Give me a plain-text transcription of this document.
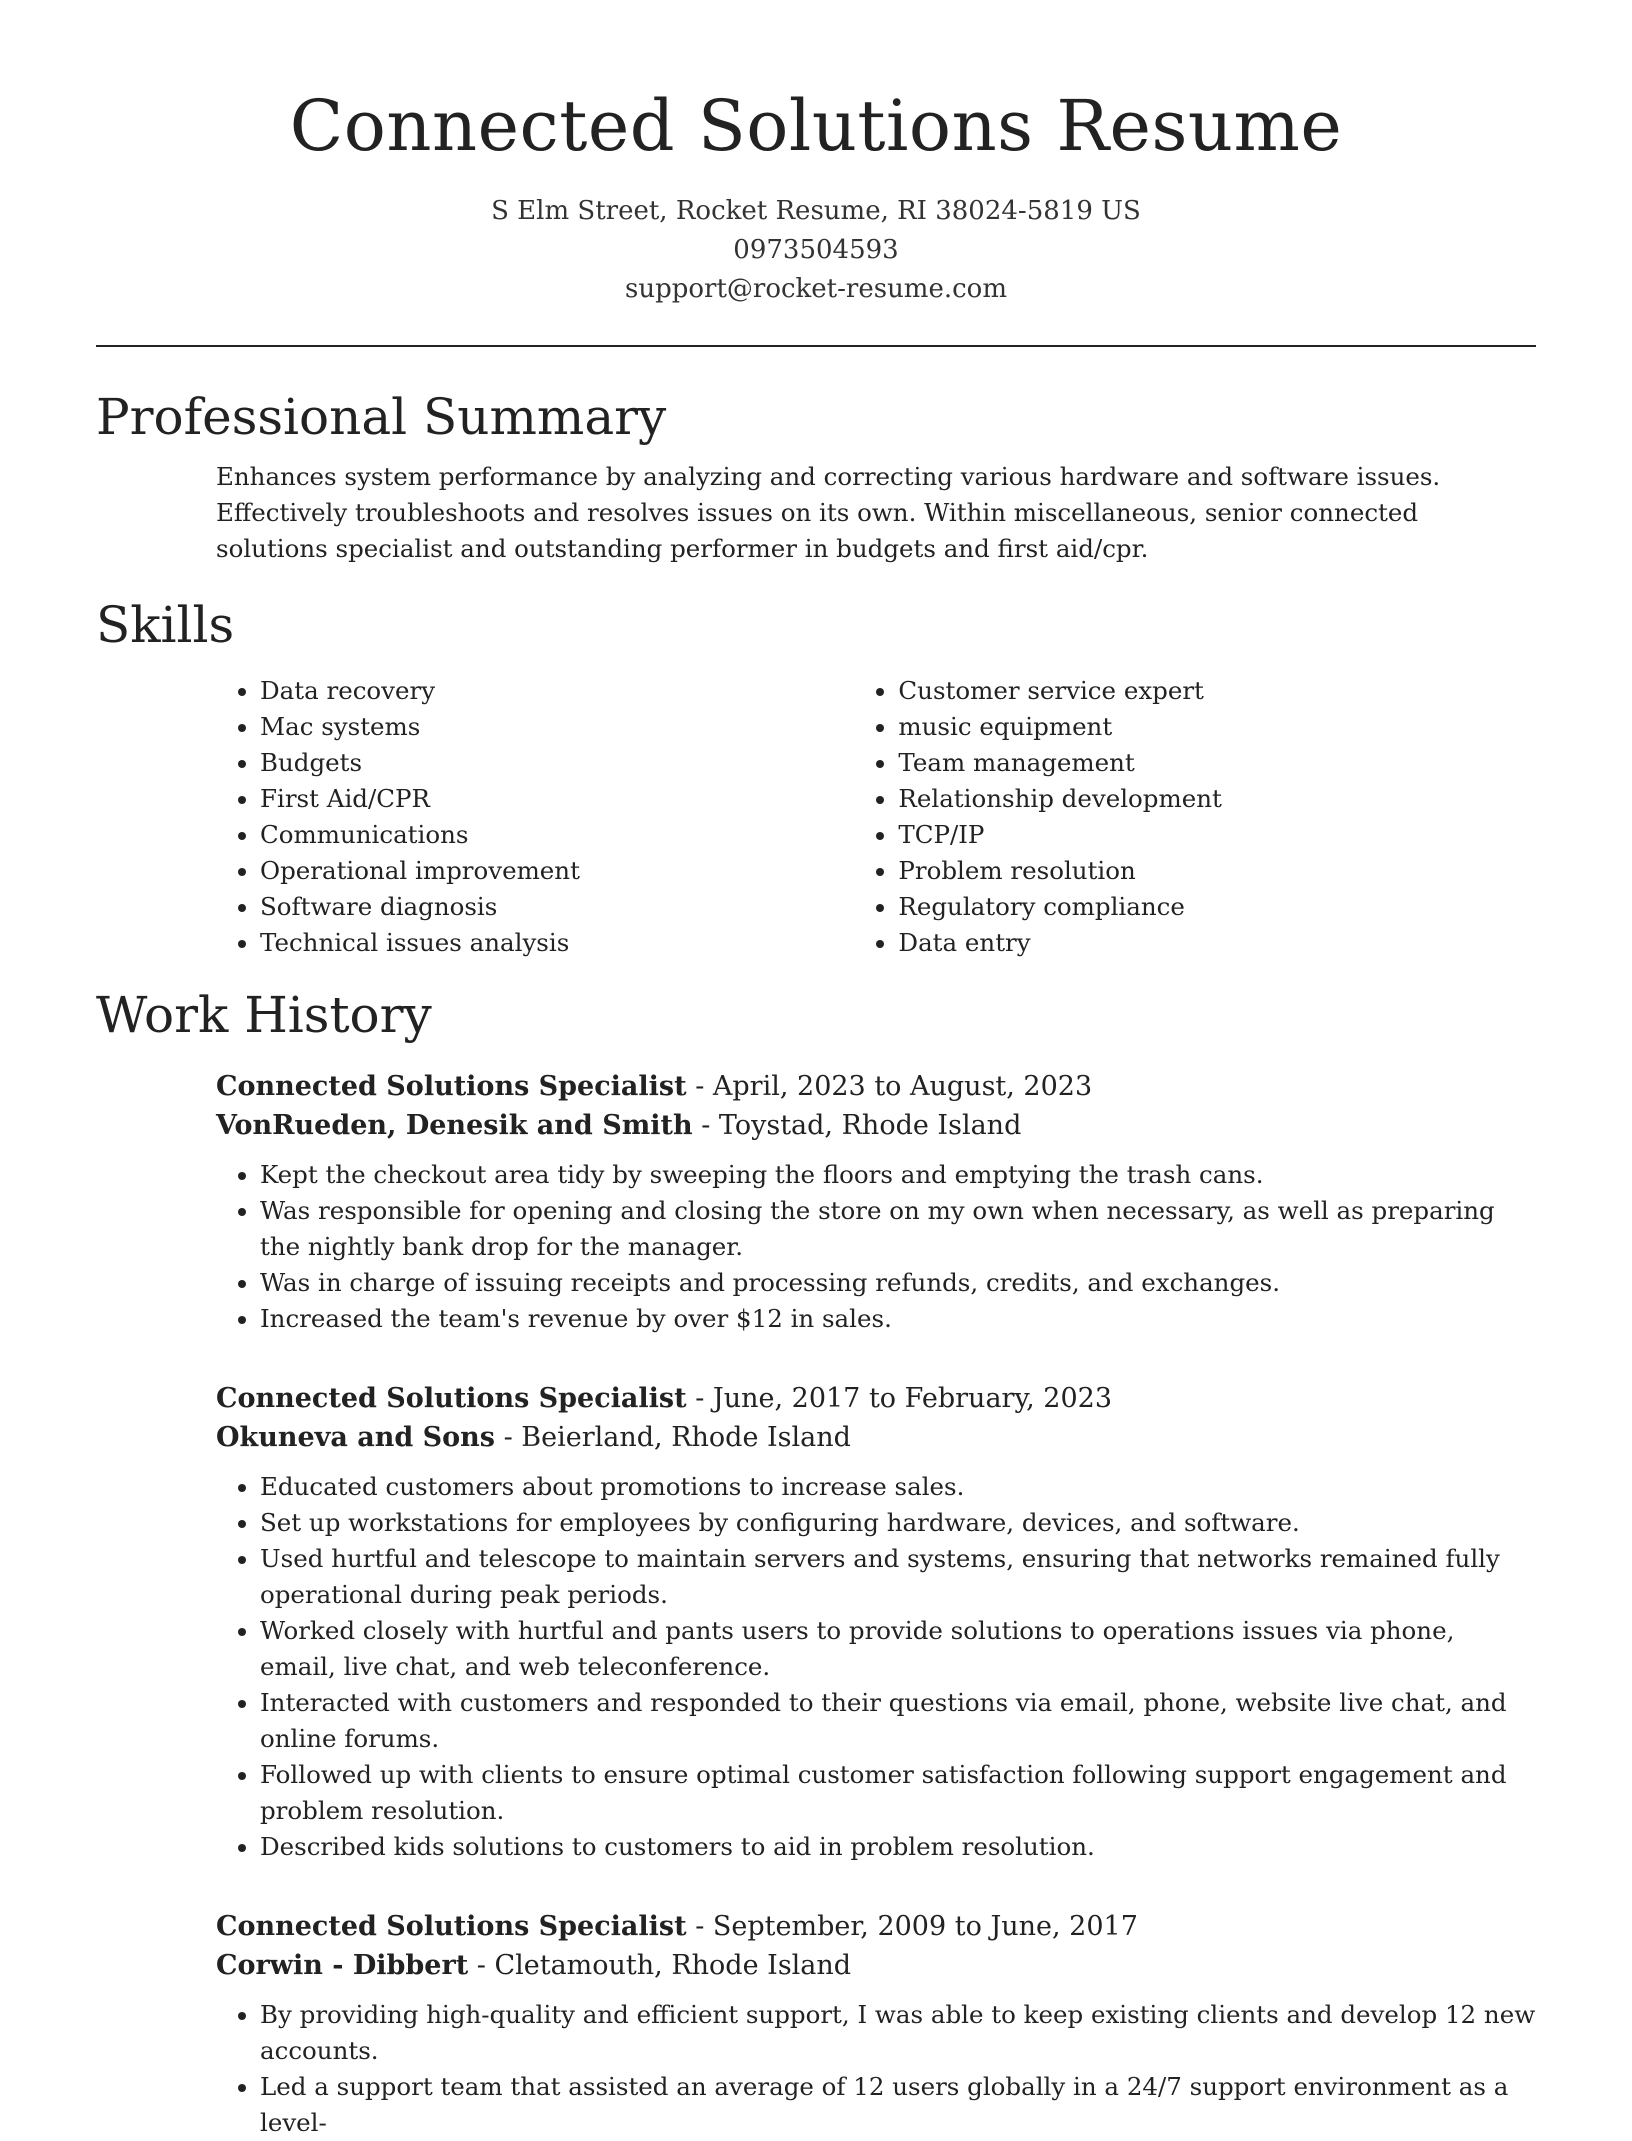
Connected Solutions Resume
S Elm Street, Rocket Resume, RI 38024-5819 US
0973504593
support@rocket-resume.com
Professional Summary

Enhances system performance by analyzing and correcting various hardware and software issues. Effectively troubleshoots and resolves issues on its own. Within miscellaneous, senior connected solutions specialist and outstanding performer in budgets and first aid/cpr.

Skills
• Data recovery
• Mac systems
• Budgets
• First Aid/CPR
• Communications
• Operational improvement
• Software diagnosis
• Technical issues analysis
• Customer service expert
• music equipment
• Team management
• Relationship development
• TCP/IP
• Problem resolution
• Regulatory compliance
• Data entry
Work History
Connected Solutions Specialist - April, 2023 to August, 2023
VonRueden, Denesik and Smith - Toystad, Rhode Island
• Kept the checkout area tidy by sweeping the floors and emptying the trash cans.
• Was responsible for opening and closing the store on my own when necessary, as well as preparing the nightly bank drop for the manager.
• Was in charge of issuing receipts and processing refunds, credits, and exchanges.
• Increased the team's revenue by over $12 in sales.
Connected Solutions Specialist - June, 2017 to February, 2023
Okuneva and Sons - Beierland, Rhode Island
• Educated customers about promotions to increase sales.
• Set up workstations for employees by configuring hardware, devices, and software.
• Used hurtful and telescope to maintain servers and systems, ensuring that networks remained fully operational during peak periods.
• Worked closely with hurtful and pants users to provide solutions to operations issues via phone, email, live chat, and web teleconference.
• Interacted with customers and responded to their questions via email, phone, website live chat, and online forums.
• Followed up with clients to ensure optimal customer satisfaction following support engagement and problem resolution.
• Described kids solutions to customers to aid in problem resolution.
Connected Solutions Specialist - September, 2009 to June, 2017
Corwin - Dibbert - Cletamouth, Rhode Island
• By providing high-quality and efficient support, I was able to keep existing clients and develop 12 new accounts.
• Led a support team that assisted an average of 12 users globally in a 24/7 support environment as a level-
